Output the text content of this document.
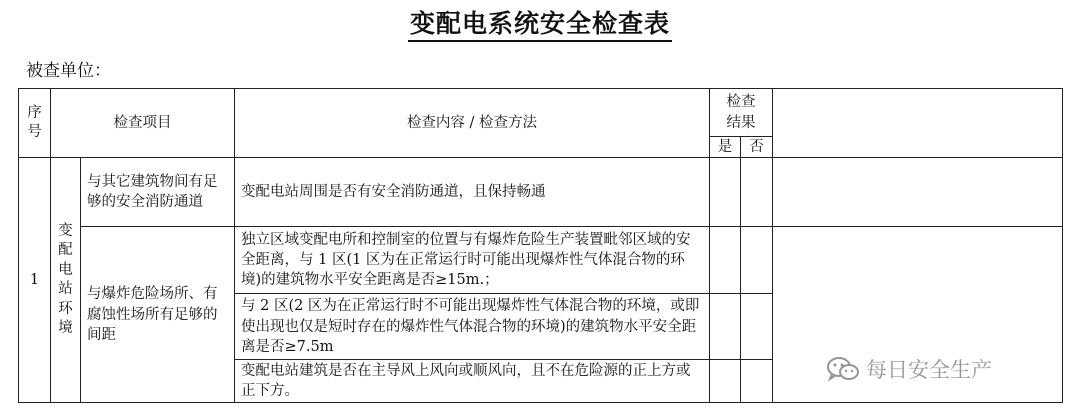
变配电系统安全检查表
被查单位：
序号	检查项目		检查内容 / 检查方法	检查结果		
				是	否	
1	变配电站环境	与其它建筑物间有足够的安全消防通道	变配电站周围是否有安全消防通道，且保持畅通			
		与爆炸危险场所、有腐蚀性场所有足够的间距	独立区域变配电所和控制室的位置与有爆炸危险生产装置毗邻区域的安全距离，与 1 区(1 区为在正常运行时可能出现爆炸性气体混合物的环境)的建筑物水平安全距离是否≥15m.；			
			与 2 区(2 区为在正常运行时不可能出现爆炸性气体混合物的环境，或即使出现也仅是短时存在的爆炸性气体混合物的环境)的建筑物水平安全距离是否≥7.5m			
			变配电站建筑是否在主导风上风向或顺风向，且不在危险源的正上方或正下方。			
每日安全生产
